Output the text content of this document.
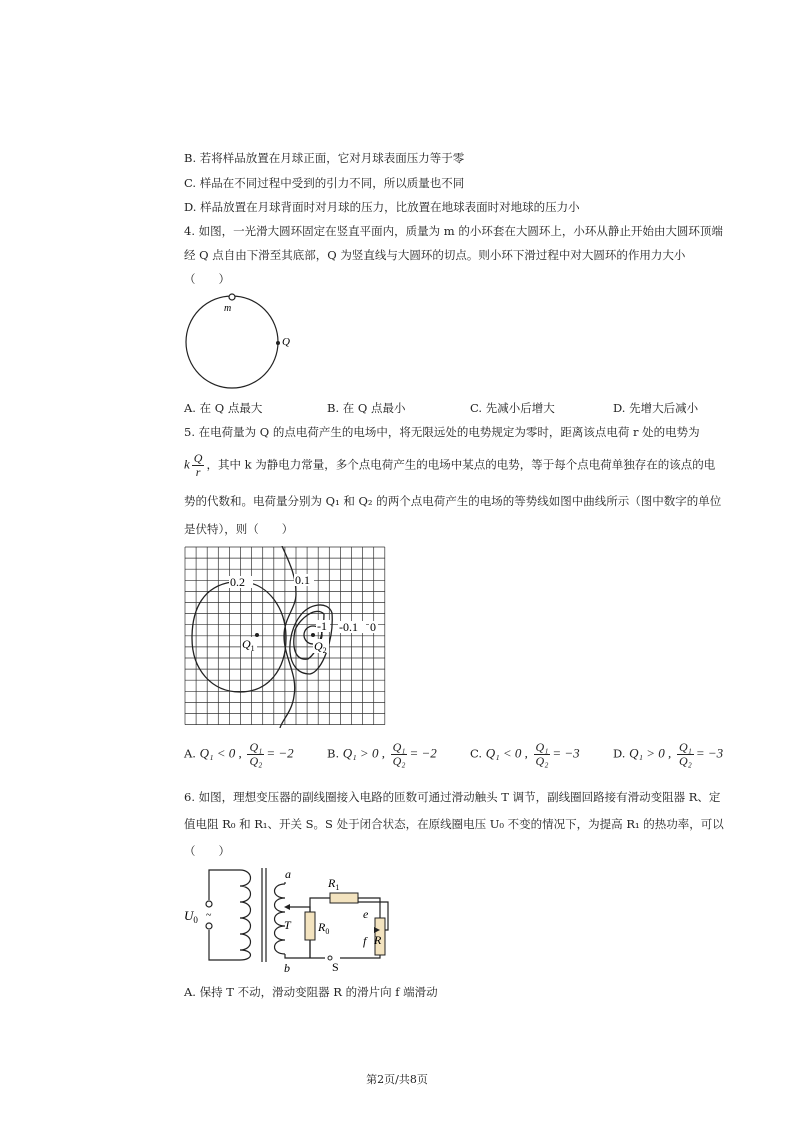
B. 若将样品放置在月球正面，它对月球表面压力等于零
C. 样品在不同过程中受到的引力不同，所以质量也不同
D. 样品放置在月球背面时对月球的压力，比放置在地球表面时对地球的压力小
4. 如图，一光滑大圆环固定在竖直平面内，质量为 m 的小环套在大圆环上，小环从静止开始由大圆环顶端
经 Q 点自由下滑至其底部，Q 为竖直线与大圆环的切点。则小环下滑过程中对大圆环的作用力大小
（　　）
m
Q
A. 在 Q 点最大	B. 在 Q 点最小	C. 先减小后增大	D. 先增大后减小
5. 在电荷量为 Q 的点电荷产生的电场中，将无限远处的电势规定为零时，距离该点电荷 r 处的电势为
k $\frac{Q}{r}$ ，其中 k 为静电力常量，多个点电荷产生的电场中某点的电势，等于每个点电荷单独存在的该点的电
势的代数和。电荷量分别为 Q₁ 和 Q₂ 的两个点电荷产生的电场的等势线如图中曲线所示（图中数字的单位
是伏特），则（　　）
0.2	0.1
-1 -0.1 0
$Q_1$	$Q_2$
A. Q₁ < 0 , $\frac{\text{Q₁}}{\text{Q₂}} = -2$	B. Q₁ > 0 , $\frac{\text{Q₁}}{\text{Q₂}} = -2$	C. Q₁ < 0 , $\frac{\text{Q₁}}{\text{Q₂}} = -3$	D. Q₁ > 0 , $\frac{\text{Q₁}}{\text{Q₂}} = -3$
6. 如图，理想变压器的副线圈接入电路的匝数可通过滑动触头 T 调节，副线圈回路接有滑动变阻器 R、定
值电阻 R₀ 和 R₁、开关 S。S 处于闭合状态，在原线圈电压 U₀ 不变的情况下，为提高 R₁ 的热功率，可以
（　　）
~
$U_0$
a
b
T
$R_1$
$R_0$
e
f R
S
A. 保持 T 不动，滑动变阻器 R 的滑片向 f 端滑动
第2页/共8页
